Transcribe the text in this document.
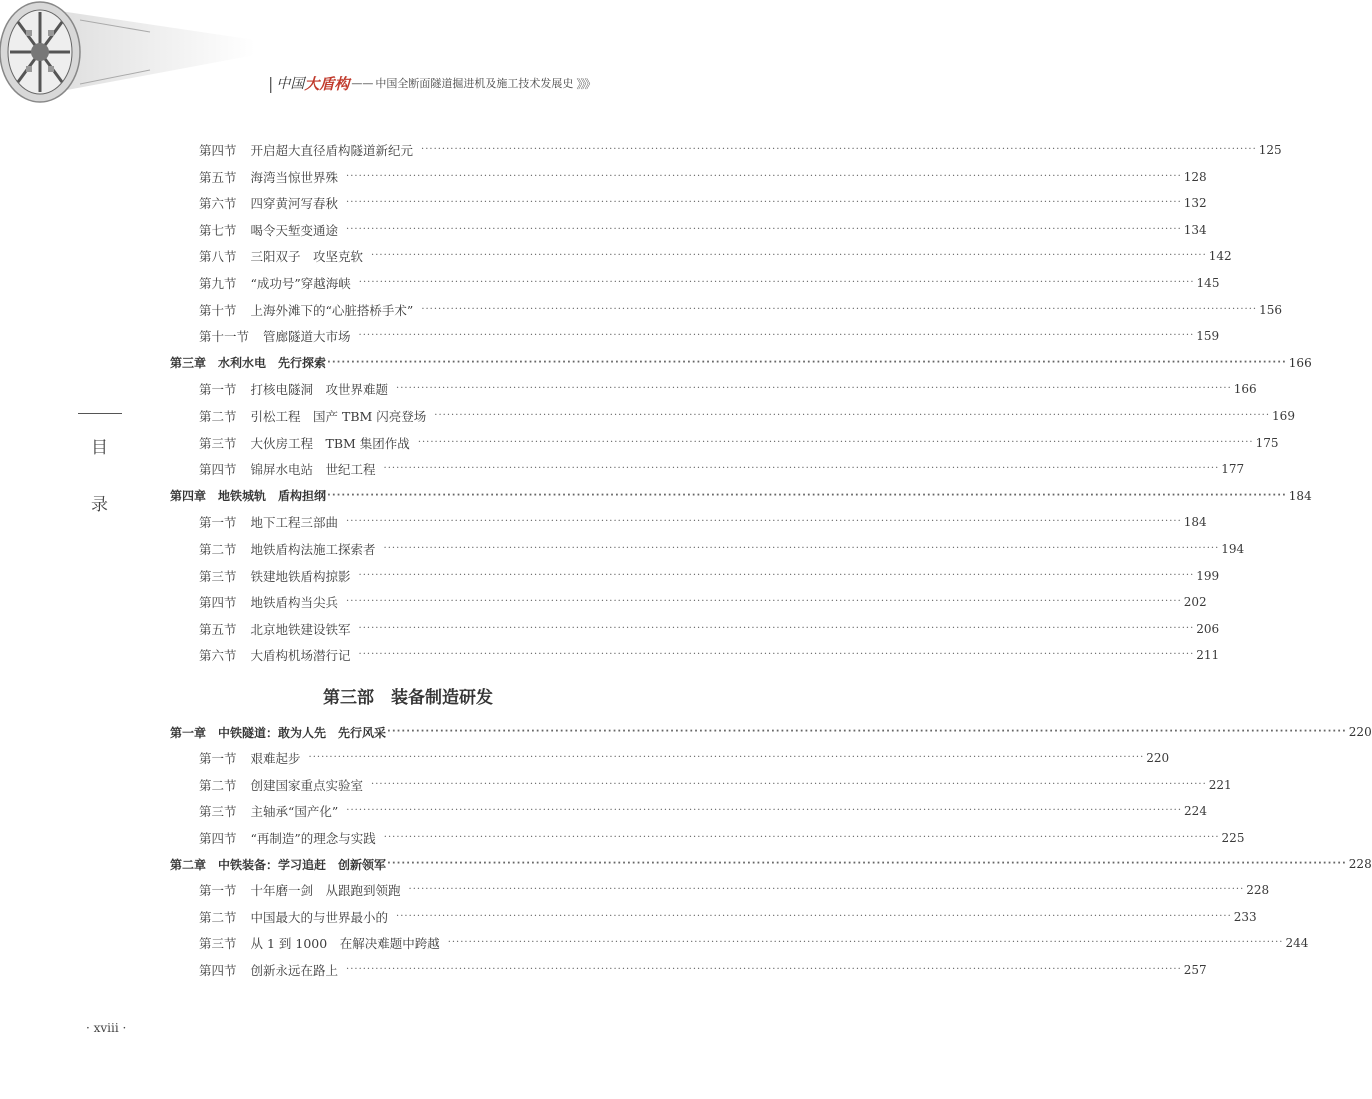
| 中国 大盾构 —— 中国全断面隧道掘进机及施工技术发展史 》》》
目
录
第四节 开启超大直径盾构隧道新纪元 ········································································································································································································ 125
第五节 海湾当惊世界殊 ········································································································································································································ 128
第六节 四穿黄河写春秋 ········································································································································································································ 132
第七节 喝令天堑变通途 ········································································································································································································ 134
第八节 三阳双子　攻坚克软 ········································································································································································································ 142
第九节 “成功号”穿越海峡 ········································································································································································································ 145
第十节 上海外滩下的“心脏搭桥手术” ········································································································································································································ 156
第十一节 管廊隧道大市场 ········································································································································································································ 159
第三章 水利水电　先行探索 ········································································································································································································ 166
第一节 打核电隧洞　攻世界难题 ········································································································································································································ 166
第二节 引松工程　国产 TBM 闪亮登场 ········································································································································································································ 169
第三节 大伙房工程　TBM 集团作战 ········································································································································································································ 175
第四节 锦屏水电站　世纪工程 ········································································································································································································ 177
第四章 地铁城轨　盾构担纲 ········································································································································································································ 184
第一节 地下工程三部曲 ········································································································································································································ 184
第二节 地铁盾构法施工探索者 ········································································································································································································ 194
第三节 铁建地铁盾构掠影 ········································································································································································································ 199
第四节 地铁盾构当尖兵 ········································································································································································································ 202
第五节 北京地铁建设铁军 ········································································································································································································ 206
第六节 大盾构机场潜行记 ········································································································································································································ 211
第三部　装备制造研发
第一章 中铁隧道：敢为人先　先行风采 ········································································································································································································ 220
第一节 艰难起步 ········································································································································································································ 220
第二节 创建国家重点实验室 ········································································································································································································ 221
第三节 主轴承“国产化” ········································································································································································································ 224
第四节 “再制造”的理念与实践 ········································································································································································································ 225
第二章 中铁装备：学习追赶　创新领军 ········································································································································································································ 228
第一节 十年磨一剑　从跟跑到领跑 ········································································································································································································ 228
第二节 中国最大的与世界最小的 ········································································································································································································ 233
第三节 从 1 到 1000　在解决难题中跨越 ········································································································································································································ 244
第四节 创新永远在路上 ········································································································································································································ 257
· xviii ·
